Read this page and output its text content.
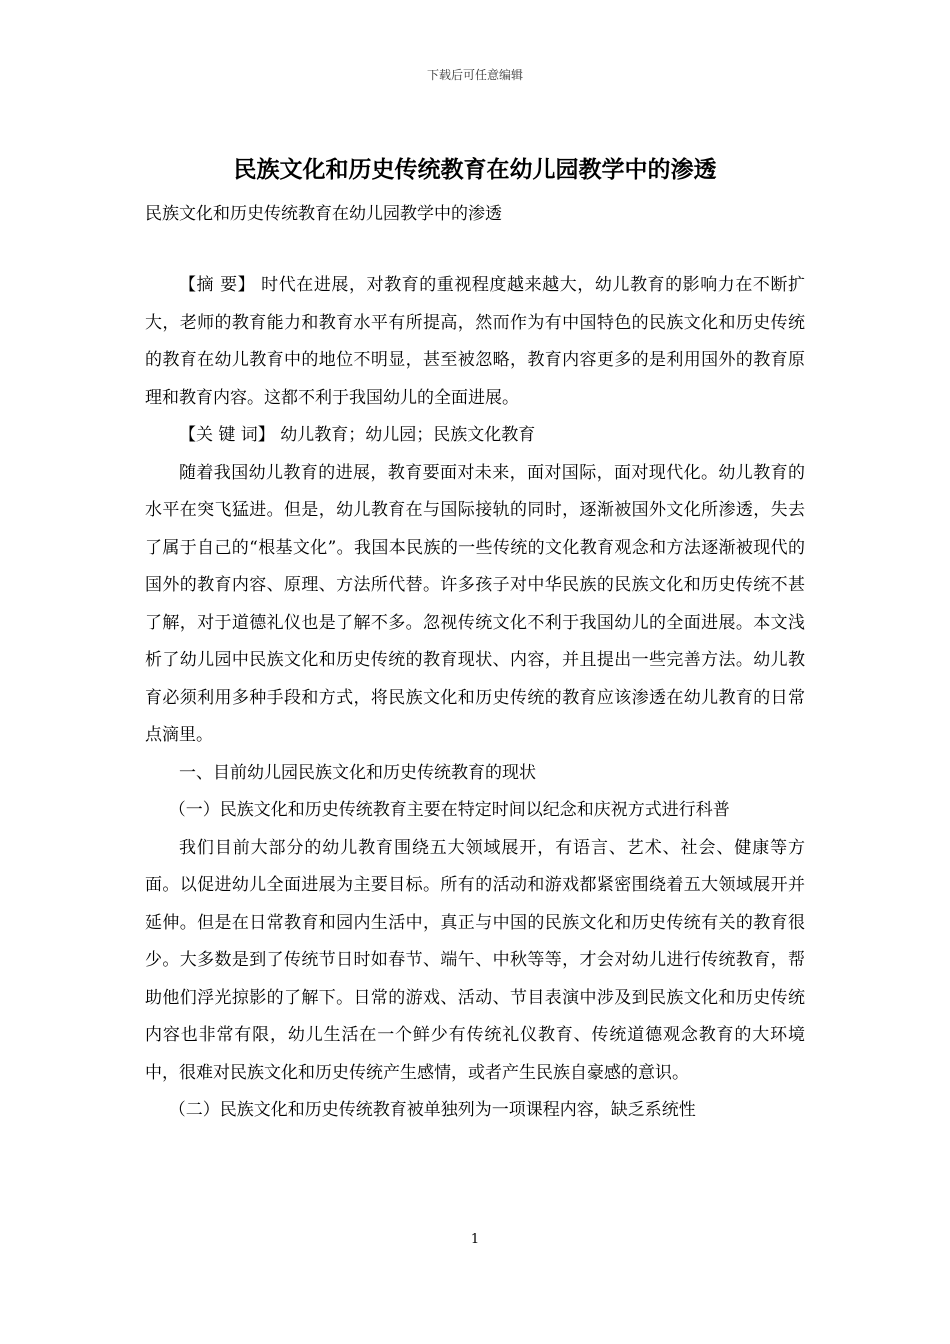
下载后可任意编辑
民族文化和历史传统教育在幼儿园教学中的渗透
民族文化和历史传统教育在幼儿园教学中的渗透

【摘 要】 时代在进展，对教育的重视程度越来越大，幼儿教育的影响力在不断扩大，老师的教育能力和教育水平有所提高，然而作为有中国特色的民族文化和历史传统的教育在幼儿教育中的地位不明显，甚至被忽略，教育内容更多的是利用国外的教育原理和教育内容。这都不利于我国幼儿的全面进展。

【关 键 词】 幼儿教育；幼儿园；民族文化教育

随着我国幼儿教育的进展，教育要面对未来，面对国际，面对现代化。幼儿教育的水平在突飞猛进。但是，幼儿教育在与国际接轨的同时，逐渐被国外文化所渗透，失去了属于自己的“根基文化”。我国本民族的一些传统的文化教育观念和方法逐渐被现代的国外的教育内容、原理、方法所代替。许多孩子对中华民族的民族文化和历史传统不甚了解，对于道德礼仪也是了解不多。忽视传统文化不利于我国幼儿的全面进展。本文浅析了幼儿园中民族文化和历史传统的教育现状、内容，并且提出一些完善方法。幼儿教育必须利用多种手段和方式，将民族文化和历史传统的教育应该渗透在幼儿教育的日常点滴里。

一、目前幼儿园民族文化和历史传统教育的现状

（一）民族文化和历史传统教育主要在特定时间以纪念和庆祝方式进行科普

我们目前大部分的幼儿教育围绕五大领域展开，有语言、艺术、社会、健康等方面。以促进幼儿全面进展为主要目标。所有的活动和游戏都紧密围绕着五大领域展开并延伸。但是在日常教育和园内生活中，真正与中国的民族文化和历史传统有关的教育很少。大多数是到了传统节日时如春节、端午、中秋等等，才会对幼儿进行传统教育，帮助他们浮光掠影的了解下。日常的游戏、活动、节目表演中涉及到民族文化和历史传统内容也非常有限，幼儿生活在一个鲜少有传统礼仪教育、传统道德观念教育的大环境中，很难对民族文化和历史传统产生感情，或者产生民族自豪感的意识。

（二）民族文化和历史传统教育被单独列为一项课程内容，缺乏系统性

1
